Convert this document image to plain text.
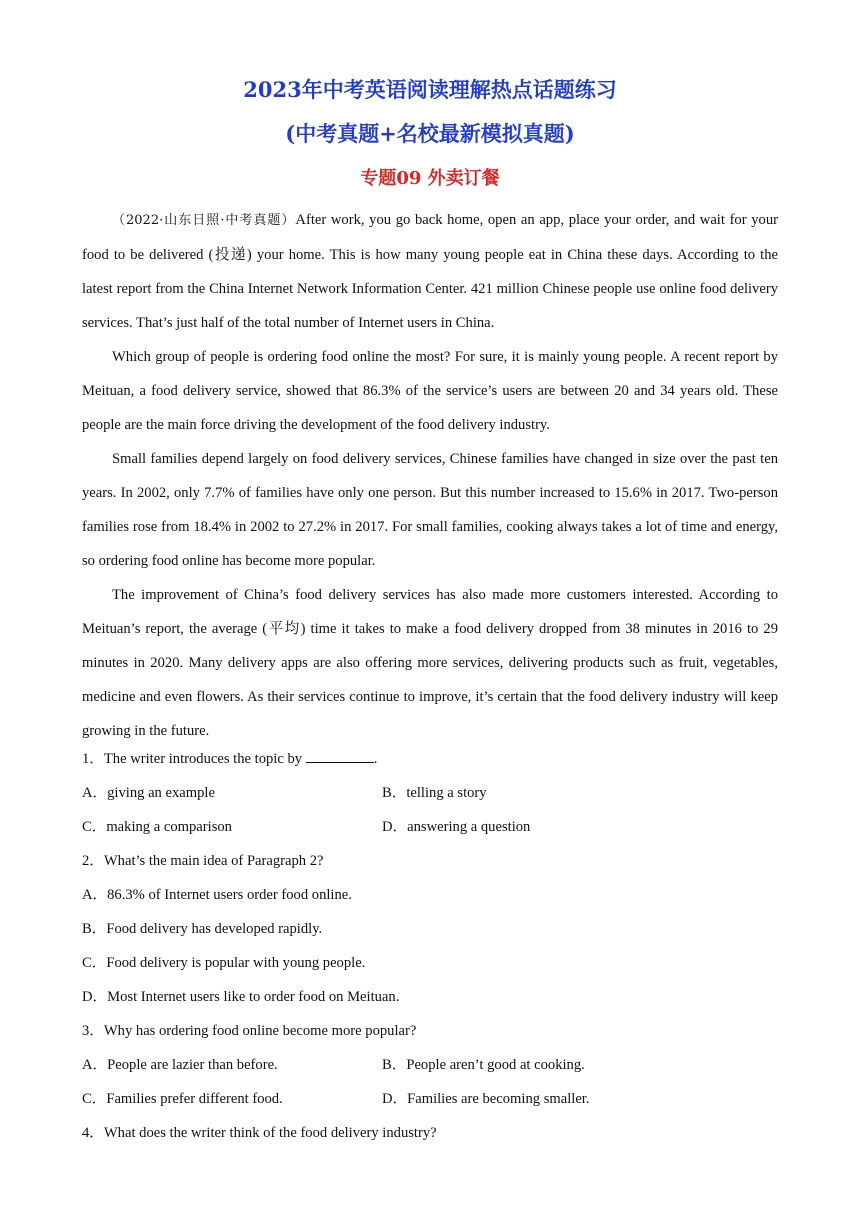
2023年中考英语阅读理解热点话题练习
(中考真题+名校最新模拟真题)
专题09 外卖订餐

（2022·山东日照·中考真题）After work, you go back home, open an app, place your order, and wait for your food to be delivered (投递) your home. This is how many young people eat in China these days. According to the latest report from the China Internet Network Information Center. 421 million Chinese people use online food delivery services. That’s just half of the total number of Internet users in China.

Which group of people is ordering food online the most? For sure, it is mainly young people. A recent report by Meituan, a food delivery service, showed that 86.3% of the service’s users are between 20 and 34 years old. These people are the main force driving the development of the food delivery industry.

Small families depend largely on food delivery services, Chinese families have changed in size over the past ten years. In 2002, only 7.7% of families have only one person. But this number increased to 15.6% in 2017. Two-person families rose from 18.4% in 2002 to 27.2% in 2017. For small families, cooking always takes a lot of time and energy, so ordering food online has become more popular.

The improvement of China’s food delivery services has also made more customers interested. According to Meituan’s report, the average (平均) time it takes to make a food delivery dropped from 38 minutes in 2016 to 29 minutes in 2020. Many delivery apps are also offering more services, delivering products such as fruit, vegetables, medicine and even flowers. As their services continue to improve, it’s certain that the food delivery industry will keep growing in the future.

1．The writer introduces the topic by	.
A．giving an example	B．telling a story
C．making a comparison	D．answering a question
2．What’s the main idea of Paragraph 2?
A．86.3% of Internet users order food online.
B．Food delivery has developed rapidly.
C．Food delivery is popular with young people.
D．Most Internet users like to order food on Meituan.
3．Why has ordering food online become more popular?
A．People are lazier than before.	B．People aren’t good at cooking.
C．Families prefer different food.	D．Families are becoming smaller.
4．What does the writer think of the food delivery industry?
